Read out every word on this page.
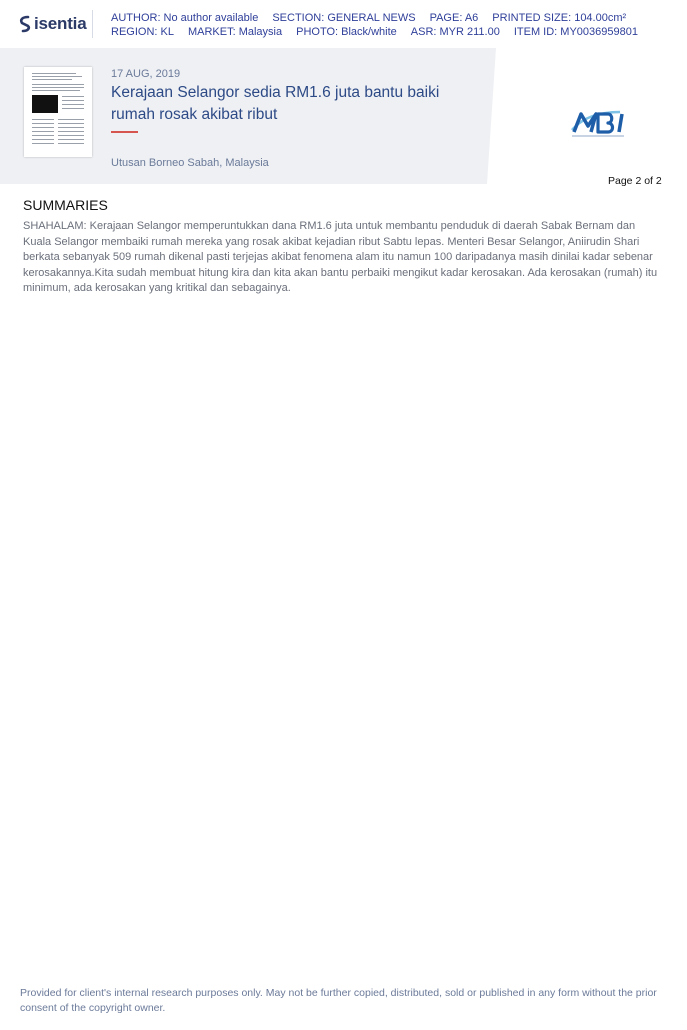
isentia AUTHOR: No author available SECTION: GENERAL NEWS PAGE: A6 PRINTED SIZE: 104.00cm²
REGION: KL MARKET: Malaysia PHOTO: Black/white ASR: MYR 211.00 ITEM ID: MY0036959801
17 AUG, 2019
Kerajaan Selangor sedia RM1.6 juta bantu baiki rumah rosak akibat ribut
Utusan Borneo Sabah, Malaysia
Page 2 of 2
SUMMARIES
SHAHALAM: Kerajaan Selangor memperuntukkan dana RM1.6 juta untuk membantu penduduk di daerah Sabak Bernam dan Kuala Selangor membaiki rumah mereka yang rosak akibat kejadian ribut Sabtu lepas. Menteri Besar Selangor, Aniirudin Shari berkata sebanyak 509 rumah dikenal pasti terjejas akibat fenomena alam itu namun 100 daripadanya masih dinilai kadar sebenar kerosakannya.Kita sudah membuat hitung kira dan kita akan bantu perbaiki mengikut kadar kerosakan. Ada kerosakan (rumah) itu minimum, ada kerosakan yang kritikal dan sebagainya.
Provided for client's internal research purposes only. May not be further copied, distributed, sold or published in any form without the prior consent of the copyright owner.
